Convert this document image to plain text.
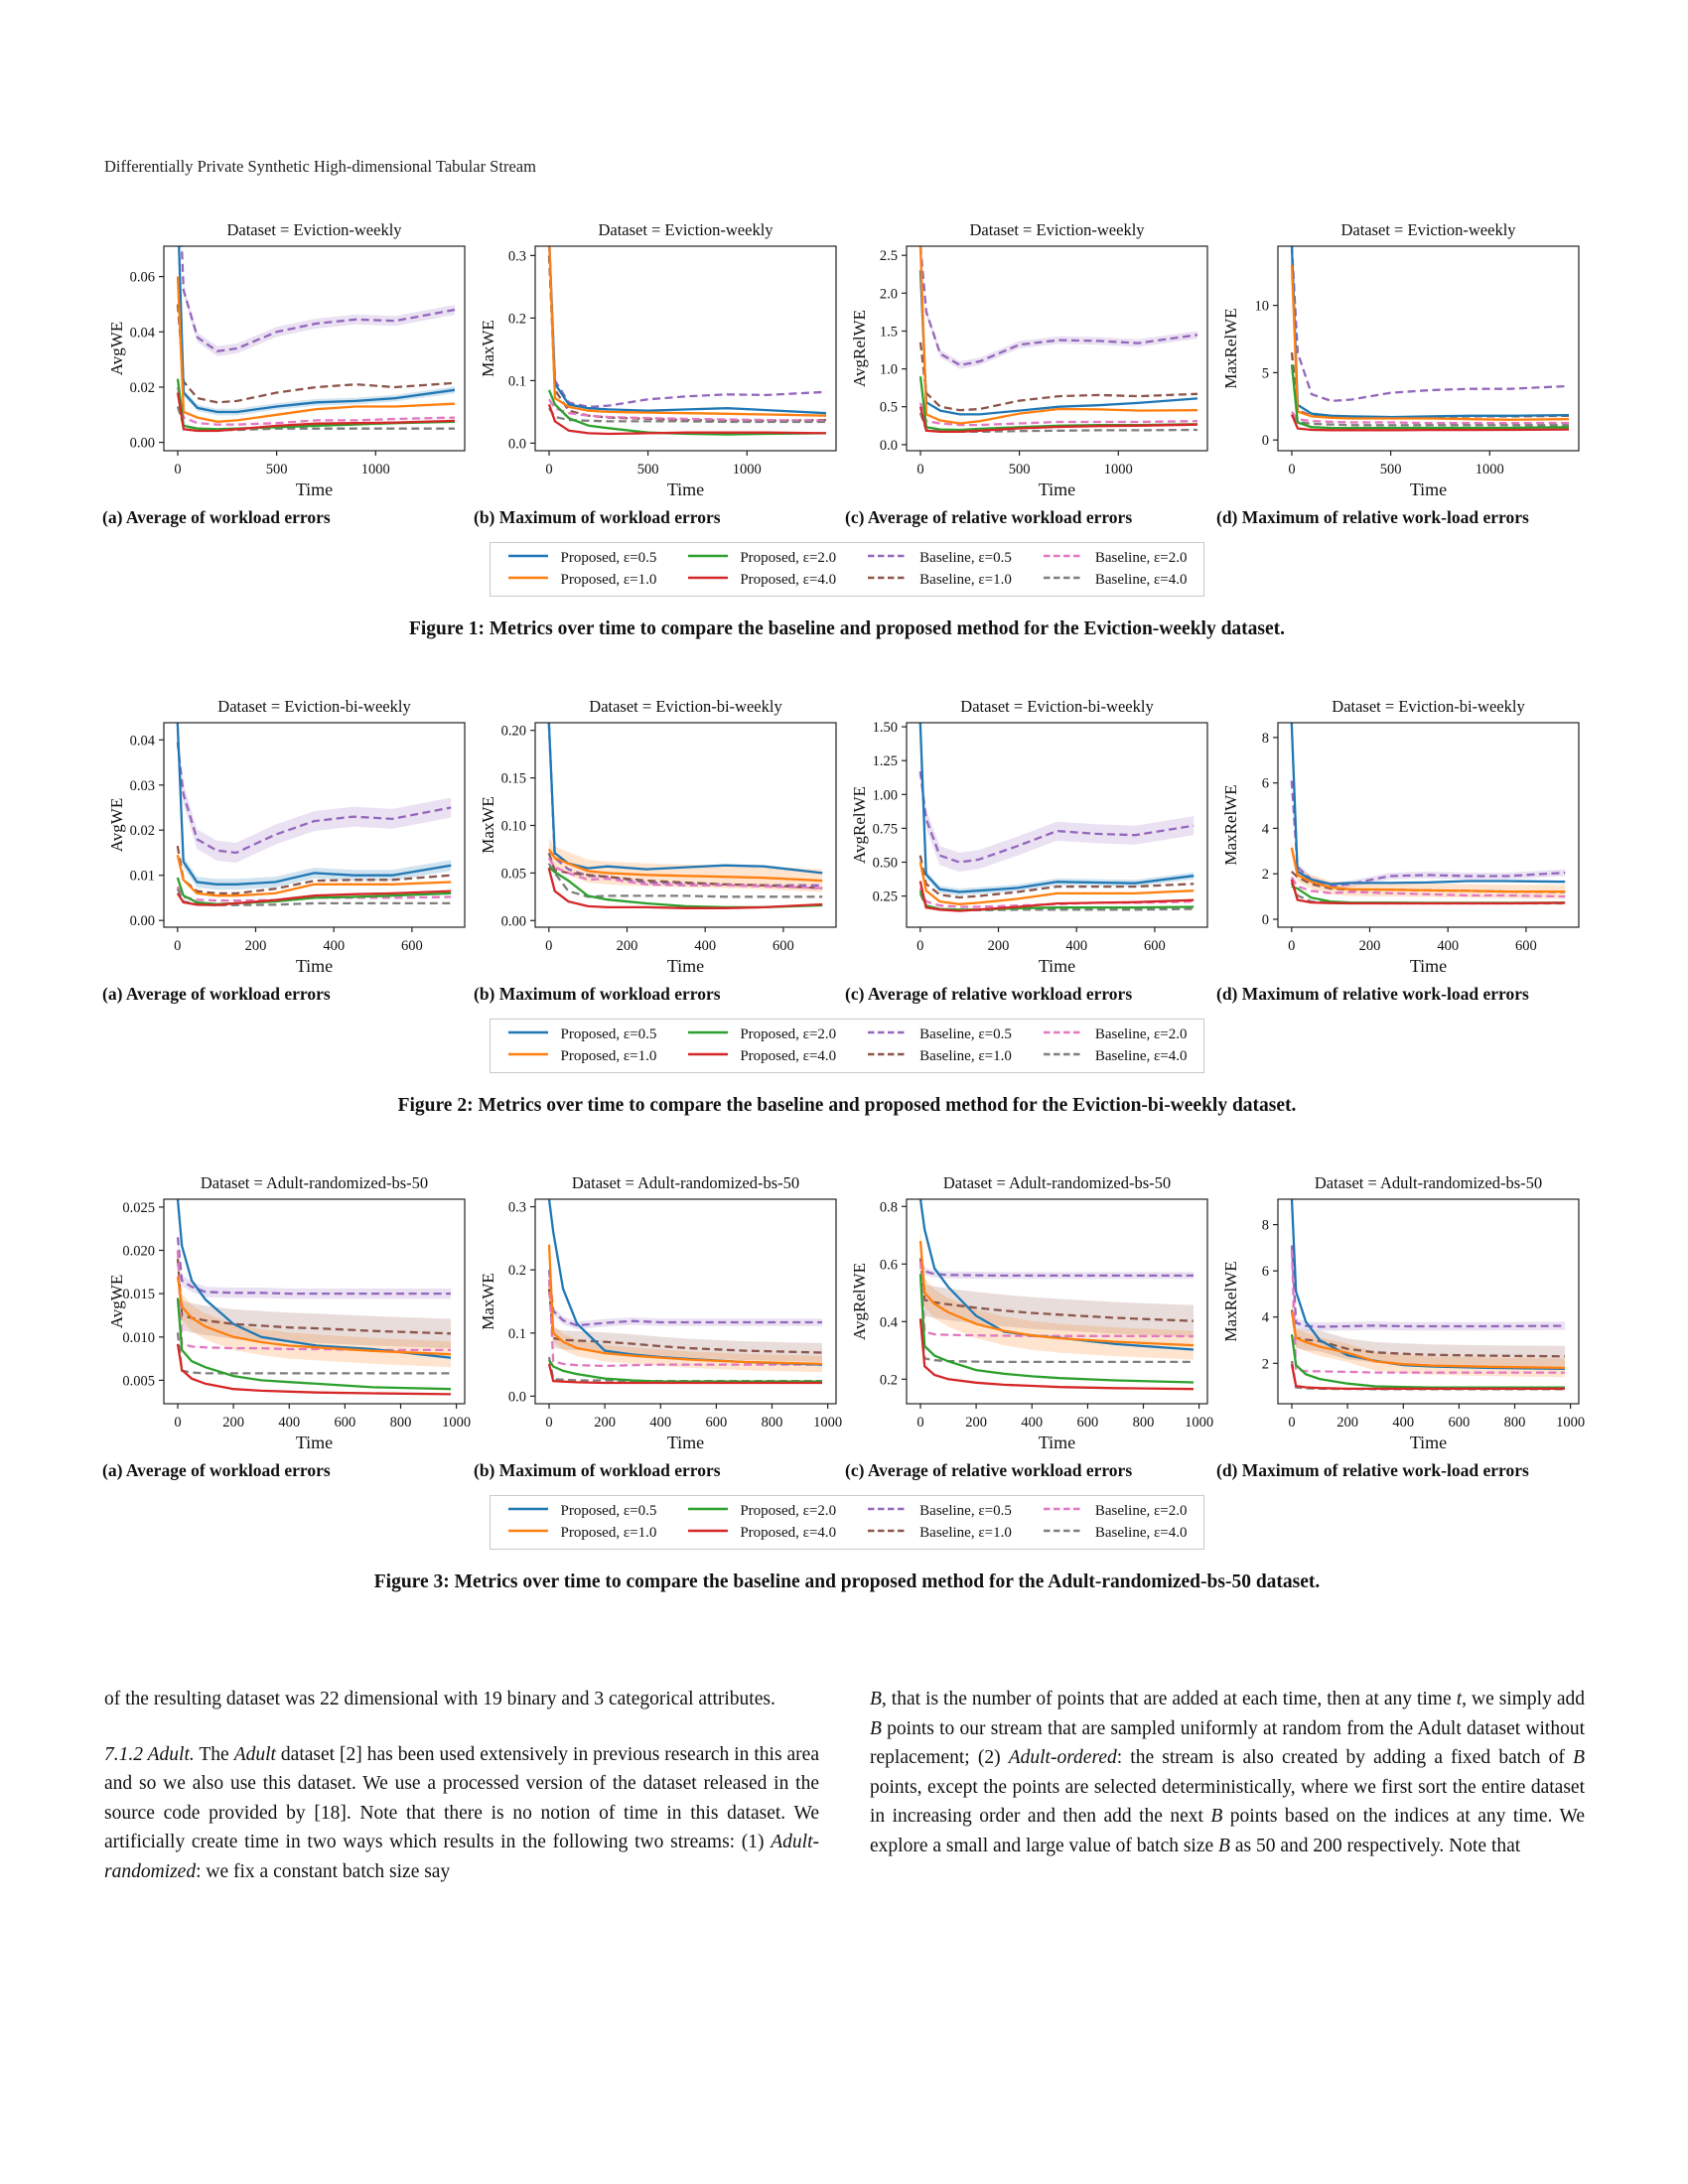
Differentially Private Synthetic High-dimensional Tabular Stream
Dataset = Eviction-weekly
0.00
0.02
0.04
0.06
0	500	1000
AvgWE
Time
Dataset = Eviction-weekly
0.0
0.1
0.2
0.3
0	500	1000
MaxWE
Time
Dataset = Eviction-weekly
0.0
0.5
1.0
1.5
2.0
2.5
0	500	1000
AvgRelWE
Time
Dataset = Eviction-weekly
0
5
10
0	500	1000
MaxRelWE
Time
(a) Average of workload errors	(b) Maximum of workload errors	(c) Average of relative workload errors	(d) Maximum of relative work-load errors
Proposed, ε=0.5	Proposed, ε=2.0	Baseline, ε=0.5	Baseline, ε=2.0
Proposed, ε=1.0	Proposed, ε=4.0	Baseline, ε=1.0	Baseline, ε=4.0
Figure 1: Metrics over time to compare the baseline and proposed method for the Eviction-weekly dataset.
Dataset = Eviction-bi-weekly
0.00
0.01
0.02
0.03
0.04
0	200	400	600
AvgWE
Time
Dataset = Eviction-bi-weekly
0.00
0.05
0.10
0.15
0.20
0	200	400	600
MaxWE
Time
Dataset = Eviction-bi-weekly
0.25
0.50
0.75
1.00
1.25
1.50
0	200	400	600
AvgRelWE
Time
Dataset = Eviction-bi-weekly
0
2
4
6
8
0	200	400	600
MaxRelWE
Time
(a) Average of workload errors	(b) Maximum of workload errors	(c) Average of relative workload errors	(d) Maximum of relative work-load errors
Proposed, ε=0.5	Proposed, ε=2.0	Baseline, ε=0.5	Baseline, ε=2.0
Proposed, ε=1.0	Proposed, ε=4.0	Baseline, ε=1.0	Baseline, ε=4.0
Figure 2: Metrics over time to compare the baseline and proposed method for the Eviction-bi-weekly dataset.
Dataset = Adult-randomized-bs-50
0.005
0.010
0.015
0.020
0.025
0	200 400 600 800 1000
AvgWE
Time
Dataset = Adult-randomized-bs-50
0.0
0.1
0.2
0.3
0	200 400 600 800 1000
MaxWE
Time
Dataset = Adult-randomized-bs-50
0.2
0.4
0.6
0.8
0	200 400 600 800 1000
AvgRelWE
Time
Dataset = Adult-randomized-bs-50
2
4
6
8
0	200 400 600 800 1000
MaxRelWE
Time
(a) Average of workload errors	(b) Maximum of workload errors	(c) Average of relative workload errors	(d) Maximum of relative work-load errors
Proposed, ε=0.5	Proposed, ε=2.0	Baseline, ε=0.5	Baseline, ε=2.0
Proposed, ε=1.0	Proposed, ε=4.0	Baseline, ε=1.0	Baseline, ε=4.0
Figure 3: Metrics over time to compare the baseline and proposed method for the Adult-randomized-bs-50 dataset.

of the resulting dataset was 22 dimensional with 19 binary and 3 categorical attributes.

7.1.2 Adult. The Adult dataset [2] has been used extensively in previous research in this area and so we also use this dataset. We use a processed version of the dataset released in the source code provided by [18]. Note that there is no notion of time in this dataset. We artificially create time in two ways which results in the following two streams: (1) Adult-randomized: we fix a constant batch size say

B, that is the number of points that are added at each time, then at any time t, we simply add B points to our stream that are sampled uniformly at random from the Adult dataset without replacement; (2) Adult-ordered: the stream is also created by adding a fixed batch of B points, except the points are selected deterministically, where we first sort the entire dataset in increasing order and then add the next B points based on the indices at any time. We explore a small and large value of batch size B as 50 and 200 respectively. Note that
